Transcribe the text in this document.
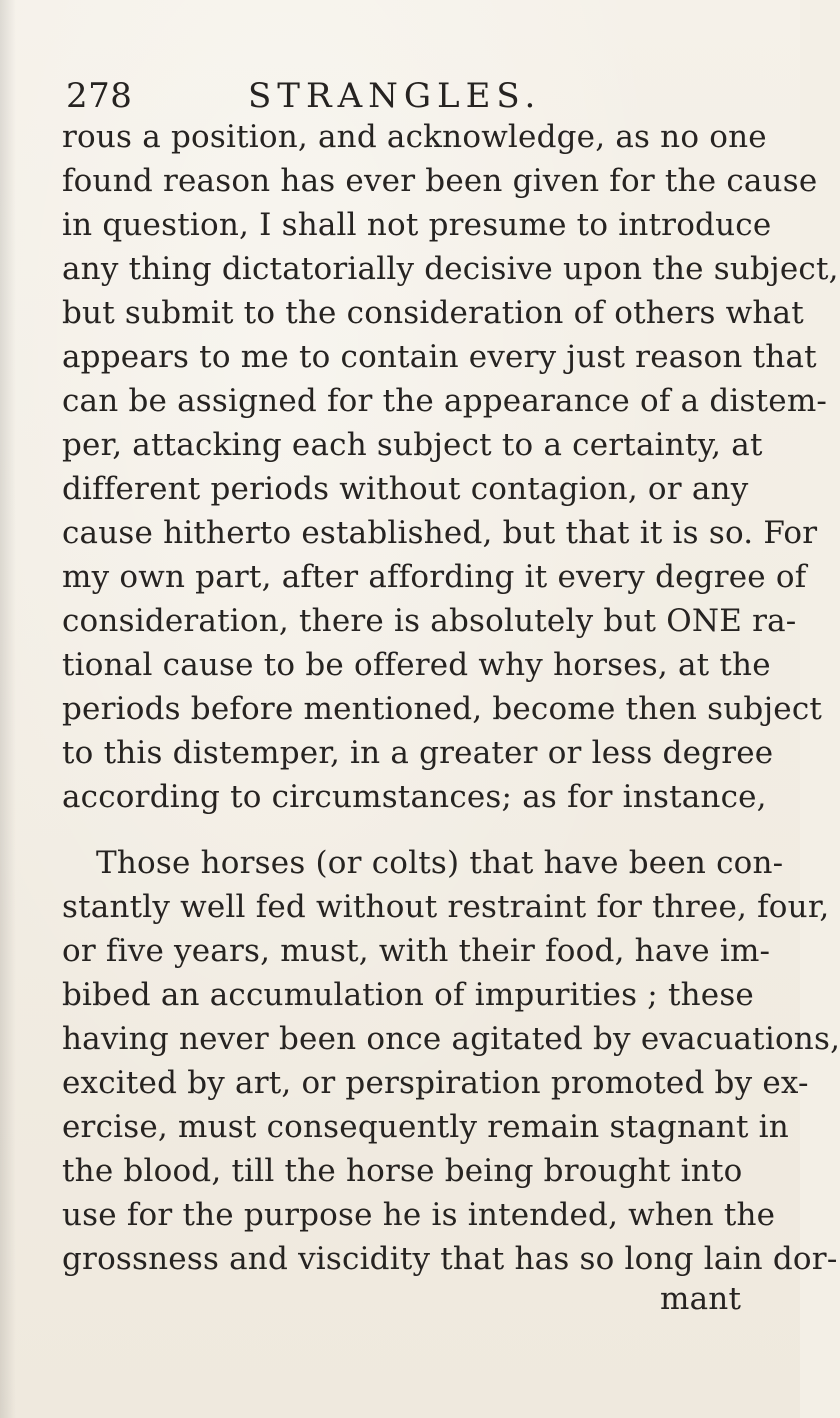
278	STRANGLES.
rous a position, and acknowledge, as no one
found reason has ever been given for the cause
in question, I shall not presume to introduce
any thing dictatorially decisive upon the subject,
but submit to the consideration of others what
appears to me to contain every just reason that
can be assigned for the appearance of a distem-
per, attacking each subject to a certainty, at
different periods without contagion, or any
cause hitherto established, but that it is so. For
my own part, after affording it every degree of
consideration, there is absolutely but ONE ra-
tional cause to be offered why horses, at the
periods before mentioned, become then subject
to this distemper, in a greater or less degree
according to circumstances; as for instance,
Those horses (or colts) that have been con-
stantly well fed without restraint for three, four,
or five years, must, with their food, have im-
bibed an accumulation of impurities ; these
having never been once agitated by evacuations,
excited by art, or perspiration promoted by ex-
ercise, must consequently remain stagnant in
the blood, till the horse being brought into
use for the purpose he is intended, when the
grossness and viscidity that has so long lain dor-
mant
